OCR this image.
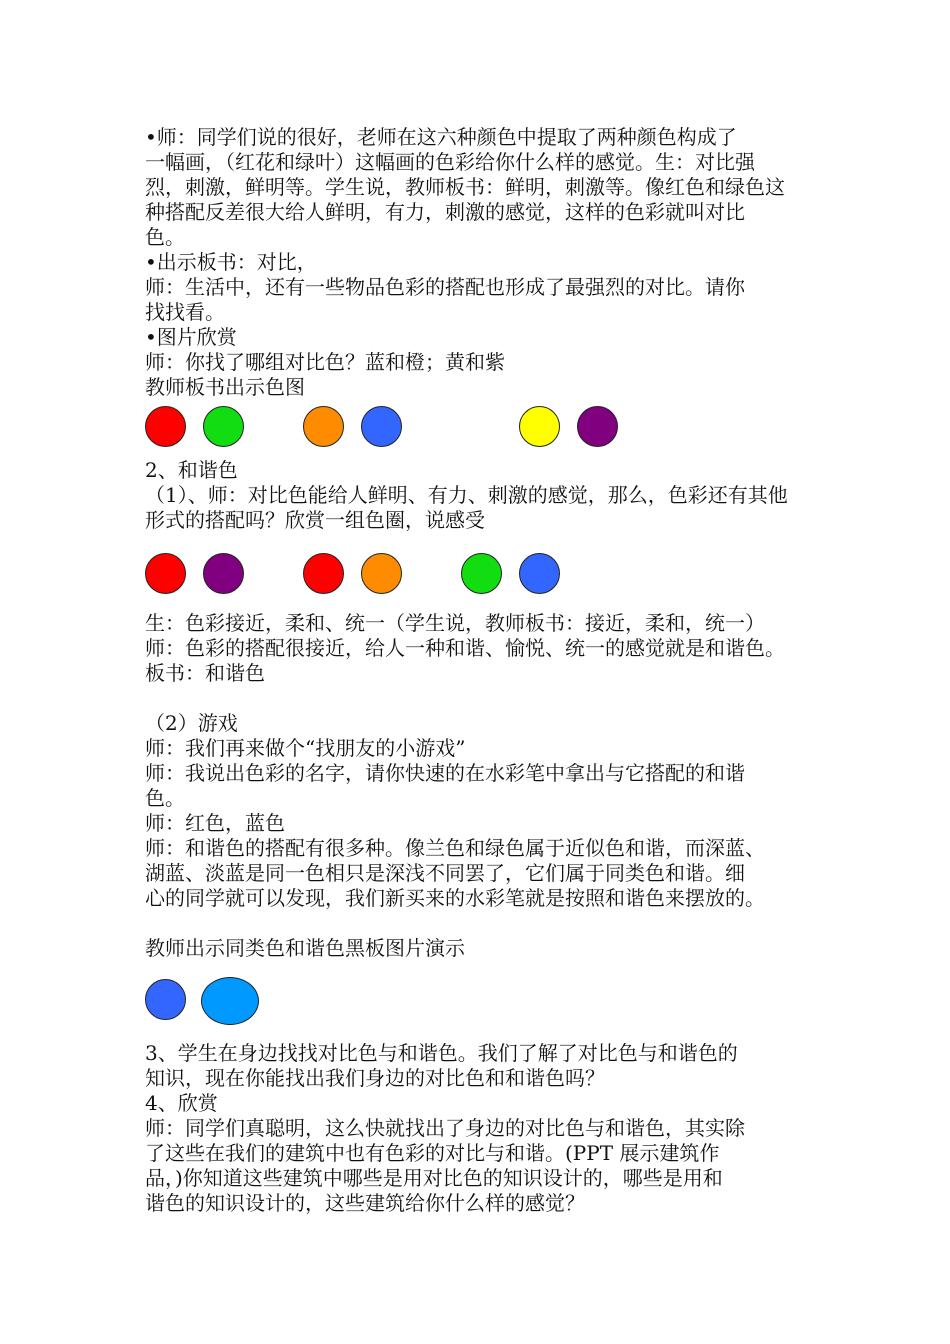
•师：同学们说的很好，老师在这六种颜色中提取了两种颜色构成了
一幅画，（红花和绿叶）这幅画的色彩给你什么样的感觉。生：对比强
烈，刺激，鲜明等。学生说，教师板书：鲜明，刺激等。像红色和绿色这
种搭配反差很大给人鲜明，有力，刺激的感觉，这样的色彩就叫对比
色。
•出示板书：对比，
师：生活中，还有一些物品色彩的搭配也形成了最强烈的对比。请你
找找看。
•图片欣赏
师：你找了哪组对比色？蓝和橙；黄和紫
教师板书出示色图
2、和谐色
（1）、师：对比色能给人鲜明、有力、刺激的感觉，那么，色彩还有其他
形式的搭配吗？欣赏一组色圈，说感受
生：色彩接近，柔和、统一（学生说，教师板书：接近，柔和，统一）
师：色彩的搭配很接近，给人一种和谐、愉悦、统一的感觉就是和谐色。
板书：和谐色
（2）游戏
师：我们再来做个“找朋友的小游戏”
师：我说出色彩的名字，请你快速的在水彩笔中拿出与它搭配的和谐
色。
师：红色，蓝色
师：和谐色的搭配有很多种。像兰色和绿色属于近似色和谐，而深蓝、
湖蓝、淡蓝是同一色相只是深浅不同罢了，它们属于同类色和谐。细
心的同学就可以发现，我们新买来的水彩笔就是按照和谐色来摆放的。
教师出示同类色和谐色黑板图片演示
3、学生在身边找找对比色与和谐色。我们了解了对比色与和谐色的
知识，现在你能找出我们身边的对比色和和谐色吗？
4、欣赏
师：同学们真聪明，这么快就找出了身边的对比色与和谐色，其实除
了这些在我们的建筑中也有色彩的对比与和谐。(PPT 展示建筑作
品，)你知道这些建筑中哪些是用对比色的知识设计的，哪些是用和
谐色的知识设计的，这些建筑给你什么样的感觉？
